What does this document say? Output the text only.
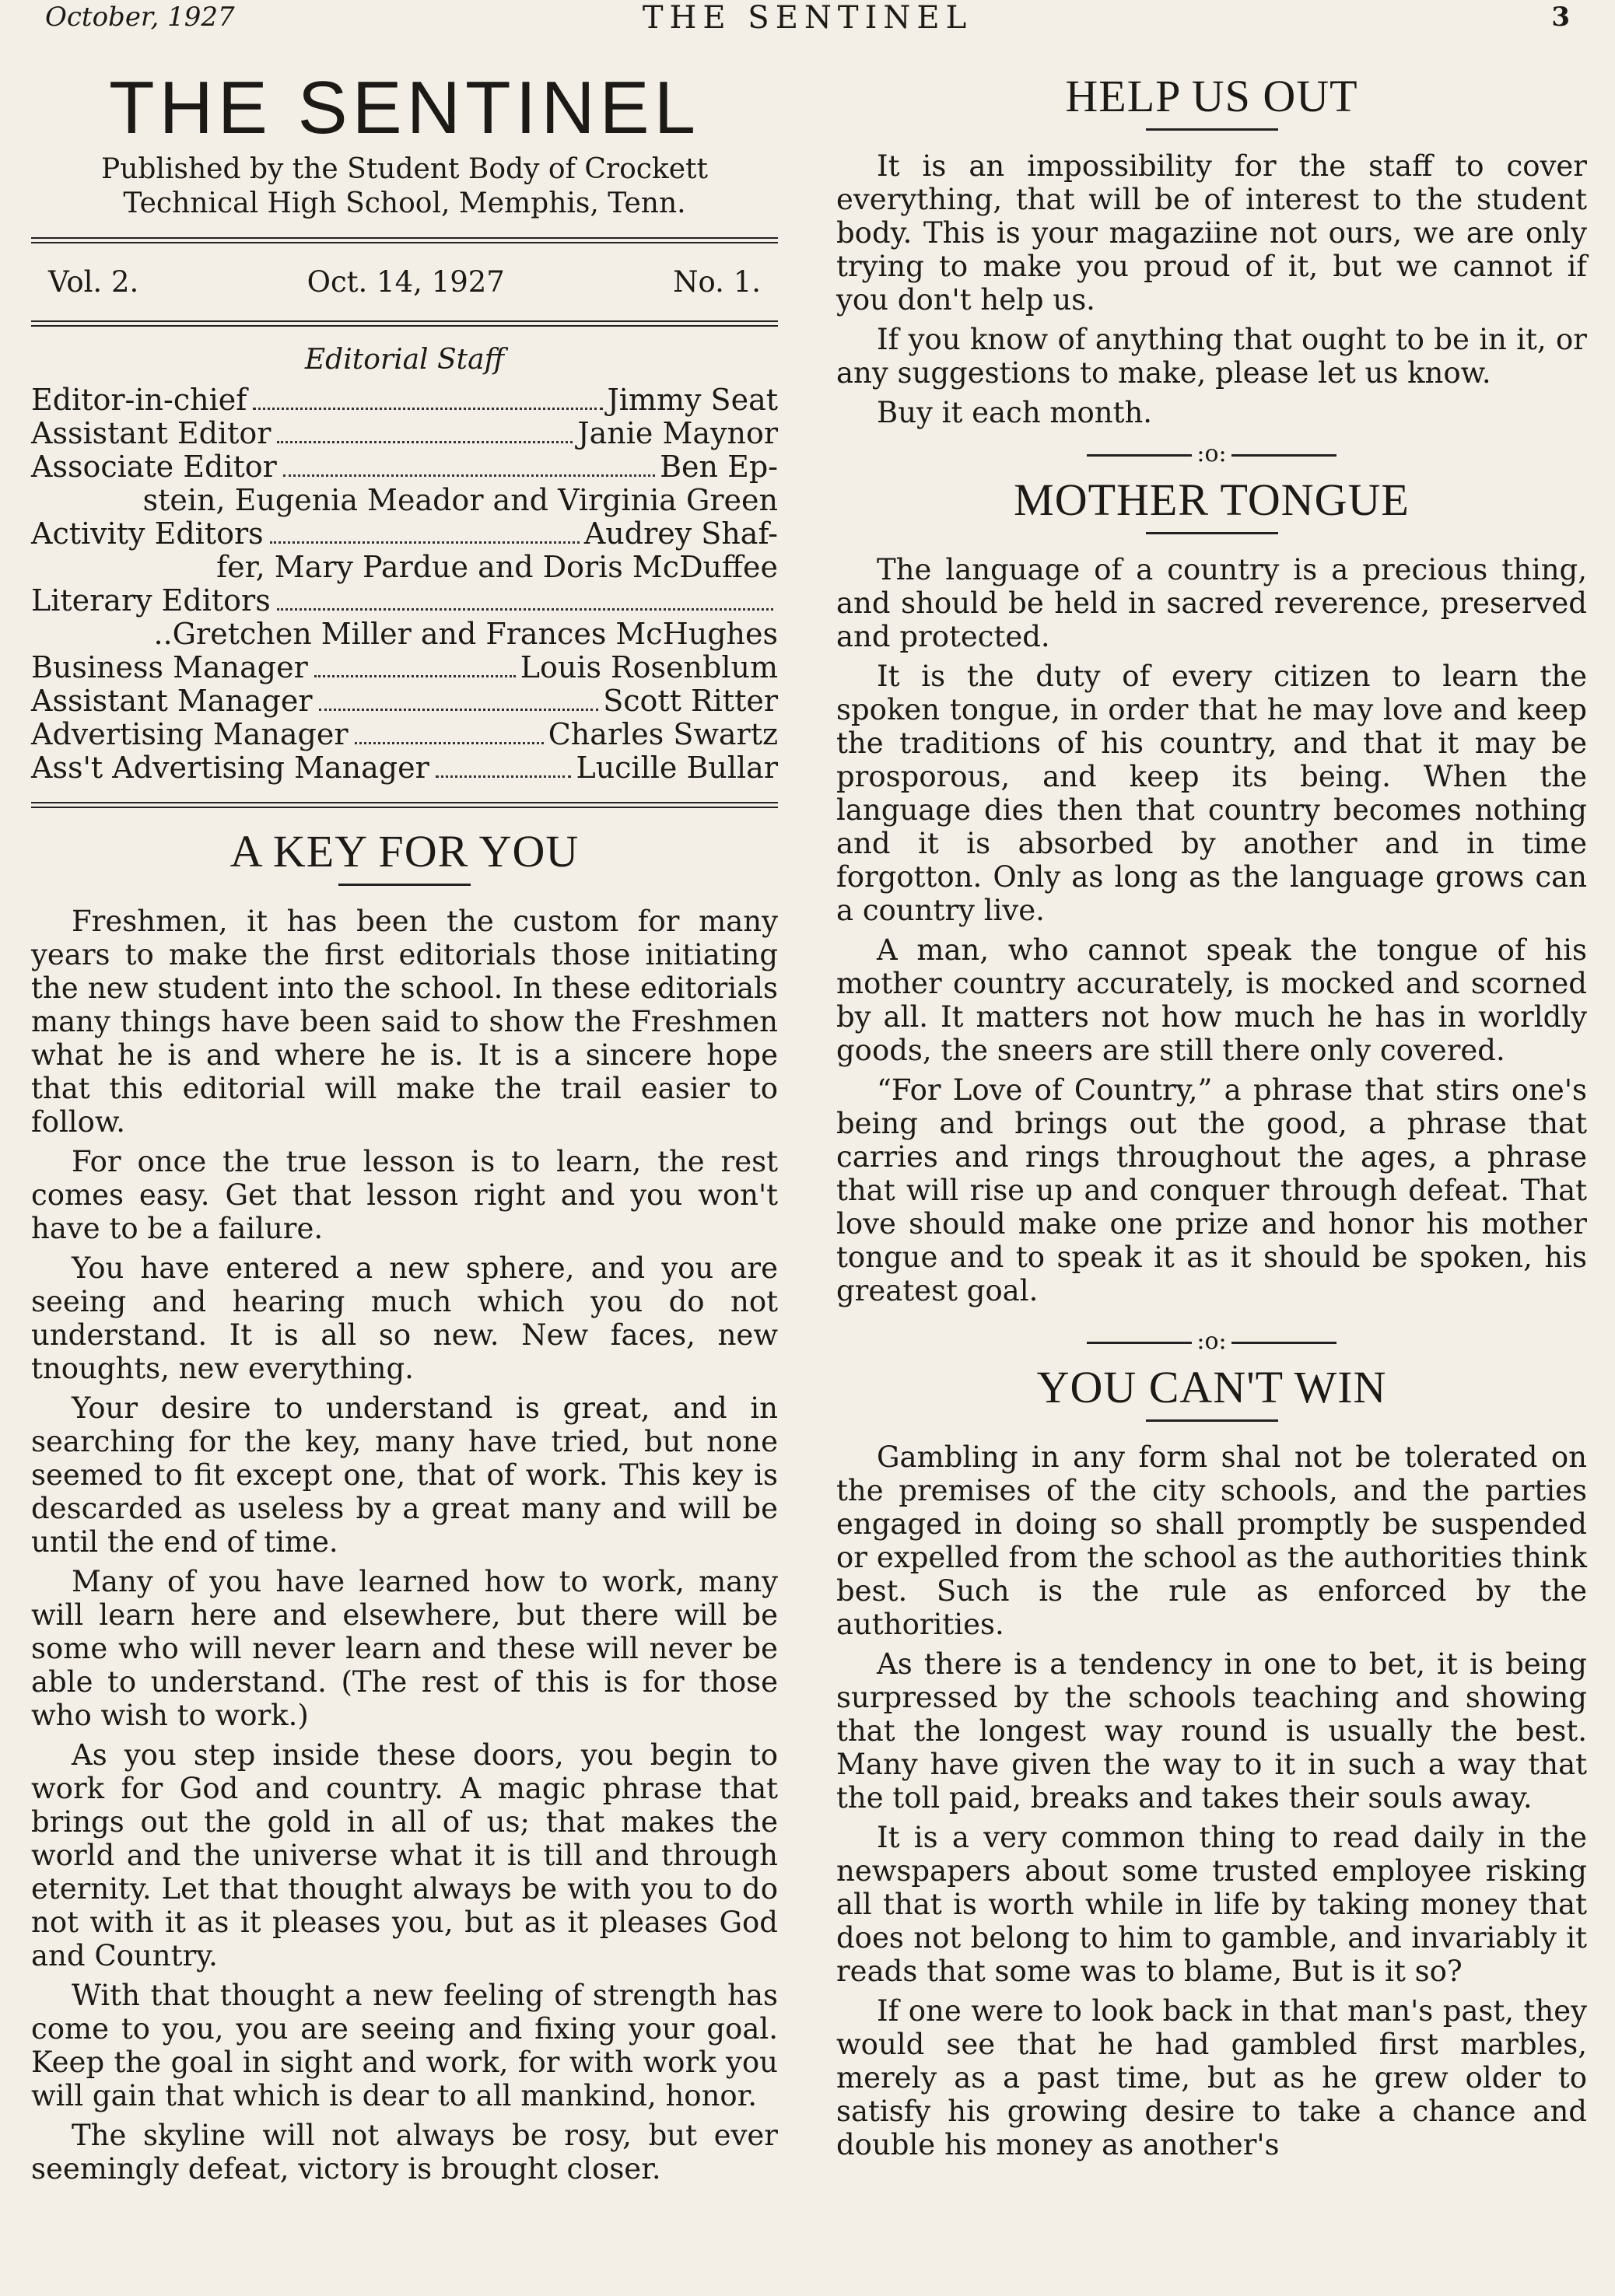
October, 1927	THE SENTINEL	3
THE SENTINEL
Published by the Student Body of Crockett Technical High School, Memphis, Tenn.
Vol. 2.	Oct. 14, 1927	No. 1.
Editorial Staff
Editor-in-chief	Jimmy Seat
Assistant Editor	Janie Maynor
Associate Editor	Ben Ep-
stein, Eugenia Meador and Virginia Green
Activity Editors	Audrey Shaf-
fer, Mary Pardue and Doris McDuffee
Literary Editors
..Gretchen Miller and Frances McHughes
Business Manager	Louis Rosenblum
Assistant Manager	Scott Ritter
Advertising Manager	Charles Swartz
Ass't Advertising Manager	Lucille Bullar
A KEY FOR YOU

Freshmen, it has been the custom for many years to make the first editorials those initiating the new student into the school. In these editorials many things have been said to show the Freshmen what he is and where he is. It is a sincere hope that this editorial will make the trail easier to follow.

For once the true lesson is to learn, the rest comes easy. Get that lesson right and you won't have to be a failure.

You have entered a new sphere, and you are seeing and hearing much which you do not understand. It is all so new. New faces, new tnoughts, new everything.

Your desire to understand is great, and in searching for the key, many have tried, but none seemed to fit except one, that of work. This key is descarded as useless by a great many and will be until the end of time.

Many of you have learned how to work, many will learn here and elsewhere, but there will be some who will never learn and these will never be able to understand. (The rest of this is for those who wish to work.)

As you step inside these doors, you begin to work for God and country. A magic phrase that brings out the gold in all of us; that makes the world and the universe what it is till and through eternity. Let that thought always be with you to do not with it as it pleases you, but as it pleases God and Country.

With that thought a new feeling of strength has come to you, you are seeing and fixing your goal. Keep the goal in sight and work, for with work you will gain that which is dear to all mankind, honor.

The skyline will not always be rosy, but ever seemingly defeat, victory is brought closer.

HELP US OUT

It is an impossibility for the staff to cover everything, that will be of interest to the student body. This is your magaziine not ours, we are only trying to make you proud of it, but we cannot if you don't help us.

If you know of anything that ought to be in it, or any suggestions to make, please let us know.

Buy it each month.

:o:
MOTHER TONGUE

The language of a country is a precious thing, and should be held in sacred reverence, preserved and protected.

It is the duty of every citizen to learn the spoken tongue, in order that he may love and keep the traditions of his country, and that it may be prosporous, and keep its being. When the language dies then that country becomes nothing and it is absorbed by another and in time forgotton. Only as long as the language grows can a country live.

A man, who cannot speak the tongue of his mother country accurately, is mocked and scorned by all. It matters not how much he has in worldly goods, the sneers are still there only covered.

“For Love of Country,” a phrase that stirs one's being and brings out the good, a phrase that carries and rings throughout the ages, a phrase that will rise up and conquer through defeat. That love should make one prize and honor his mother tongue and to speak it as it should be spoken, his greatest goal.

:o:
YOU CAN'T WIN

Gambling in any form shal not be tolerated on the premises of the city schools, and the parties engaged in doing so shall promptly be suspended or expelled from the school as the authorities think best. Such is the rule as enforced by the authorities.

As there is a tendency in one to bet, it is being surpressed by the schools teaching and showing that the longest way round is usually the best. Many have given the way to it in such a way that the toll paid, breaks and takes their souls away.

It is a very common thing to read daily in the newspapers about some trusted employee risking all that is worth while in life by taking money that does not belong to him to gamble, and invariably it reads that some was to blame, But is it so?

If one were to look back in that man's past, they would see that he had gambled first marbles, merely as a past time, but as he grew older to satisfy his growing desire to take a chance and double his money as another's
